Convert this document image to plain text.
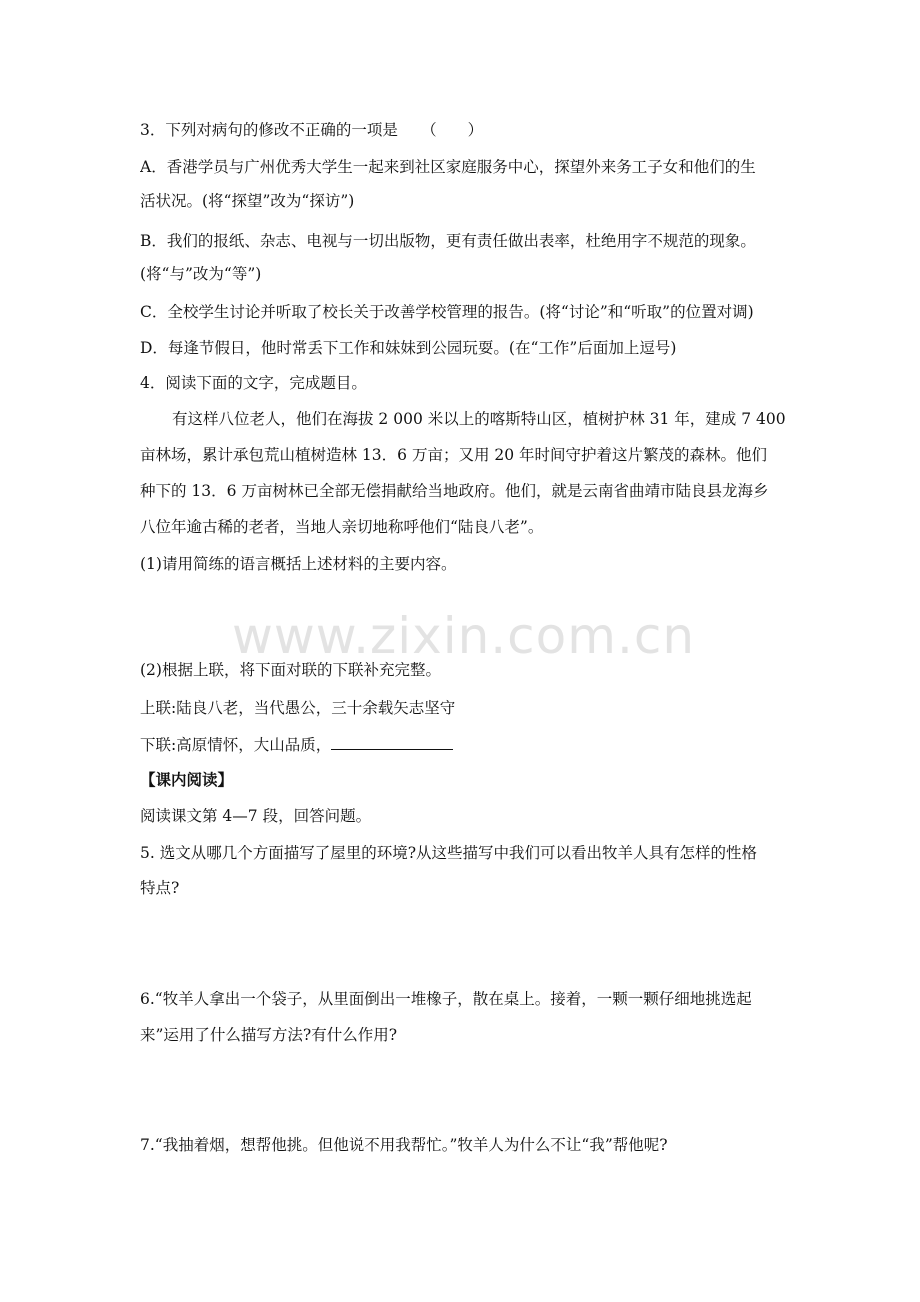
3．下列对病句的修改不正确的一项是　　（　　）
A．香港学员与广州优秀大学生一起来到社区家庭服务中心，探望外来务工子女和他们的生
活状况。(将“探望”改为“探访”)
B．我们的报纸、杂志、电视与一切出版物，更有责任做出表率，杜绝用字不规范的现象。
(将“与”改为“等”)
C．全校学生讨论并听取了校长关于改善学校管理的报告。(将“讨论”和“听取”的位置对调)
D．每逢节假日，他时常丢下工作和妹妹到公园玩耍。(在“工作”后面加上逗号)
4．阅读下面的文字，完成题目。
有这样八位老人，他们在海拔 2 000 米以上的喀斯特山区，植树护林 31 年，建成 7 400
亩林场，累计承包荒山植树造林 13．6 万亩；又用 20 年时间守护着这片繁茂的森林。他们
种下的 13．6 万亩树林已全部无偿捐献给当地政府。他们，就是云南省曲靖市陆良县龙海乡
八位年逾古稀的老者，当地人亲切地称呼他们“陆良八老”。
(1)请用简练的语言概括上述材料的主要内容。
www.zixin.com.cn
(2)根据上联，将下面对联的下联补充完整。
上联:陆良八老，当代愚公，三十余载矢志坚守
下联:高原情怀，大山品质，
【课内阅读】
阅读课文第 4—7 段，回答问题。
5. 选文从哪几个方面描写了屋里的环境?从这些描写中我们可以看出牧羊人具有怎样的性格
特点?
6.“牧羊人拿出一个袋子，从里面倒出一堆橡子，散在桌上。接着，一颗一颗仔细地挑选起
来”运用了什么描写方法?有什么作用?
7.“我抽着烟，想帮他挑。但他说不用我帮忙。”牧羊人为什么不让“我”帮他呢?
